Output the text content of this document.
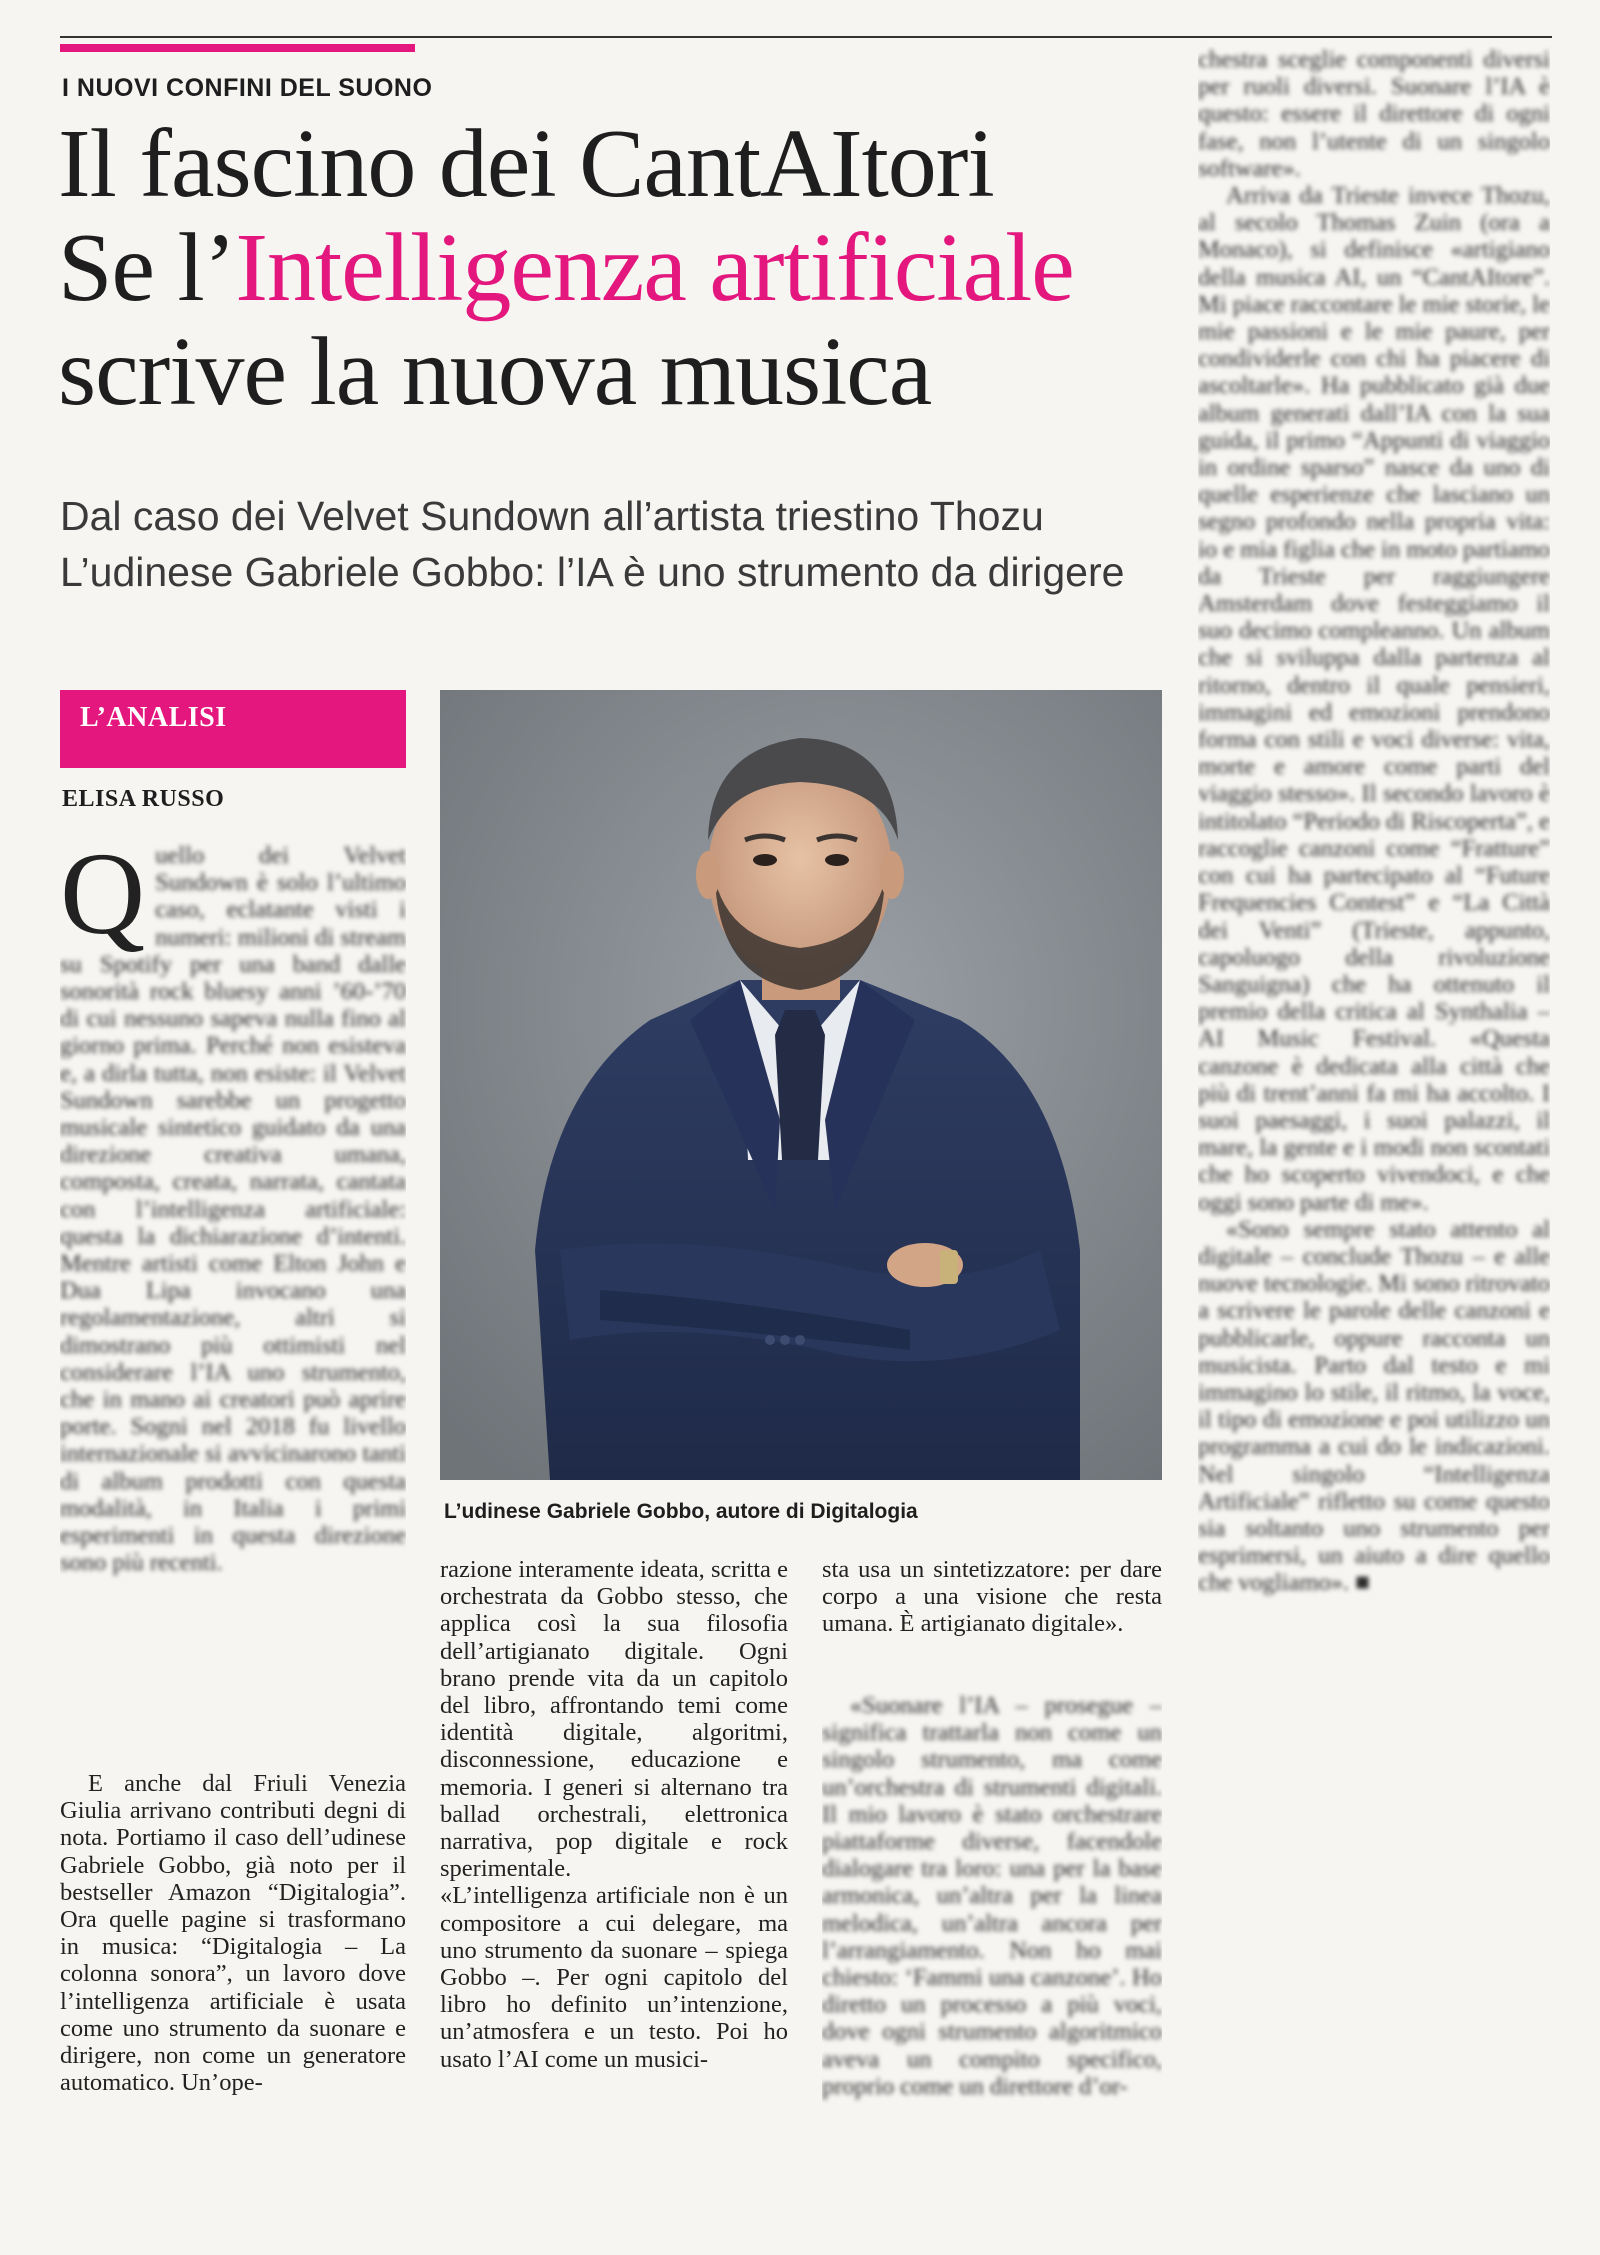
I NUOVI CONFINI DEL SUONO
Il fascino dei CantAItori
Se l’Intelligenza artificiale
scrive la nuova musica
Dal caso dei Velvet Sundown all’artista triestino Thozu
L’udinese Gabriele Gobbo: l’IA è uno strumento da dirigere
L’ANALISI
ELISA RUSSO
L’udinese Gabriele Gobbo, autore di Digitalogia
Q uello dei Velvet Sundown è solo l’ultimo caso, eclatante visti i numeri: milioni di stream su Spotify per una band dalle sonorità rock bluesy anni ’60-’70 di cui nessuno sapeva nulla fino al giorno prima. Perché non esisteva e, a dirla tutta, non esiste: il Velvet Sundown sarebbe un progetto musicale sintetico guidato da una direzione creativa umana, composta, creata, narrata, cantata con l’intelligenza artificiale: questa la dichiarazione d’intenti. Mentre artisti come Elton John e Dua Lipa invocano una regolamentazione, altri si dimostrano più ottimisti nel considerare l’IA uno strumento, che in mano ai creatori può aprire porte. Sogni nel 2018 fu livello internazionale si avvicinarono tanti di album prodotti con questa modalità, in Italia i primi esperimenti in questa direzione sono più recenti.

E anche dal Friuli Venezia Giulia arrivano contributi degni di nota. Portiamo il caso dell’udinese Gabriele Gobbo, già noto per il bestseller Amazon “Digitalogia”. Ora quelle pagine si trasformano in musica: “Digitalogia – La colonna sonora”, un lavoro dove l’intelligenza artificiale è usata come uno strumento da suonare e dirigere, non come un generatore automatico. Un’ope-

razione interamente ideata, scritta e orchestrata da Gobbo stesso, che applica così la sua filosofia dell’artigianato digitale. Ogni brano prende vita da un capitolo del libro, affrontando temi come identità digitale, algoritmi, disconnessione, educazione e memoria. I generi si alternano tra ballad orchestrali, elettronica narrativa, pop digitale e rock sperimentale.

«L’intelligenza artificiale non è un compositore a cui delegare, ma uno strumento da suonare – spiega Gobbo –. Per ogni capitolo del libro ho definito un’intenzione, un’atmosfera e un testo. Poi ho usato l’AI come un musici-

sta usa un sintetizzatore: per dare corpo a una visione che resta umana. È artigianato digitale».

«Suonare l’IA – prosegue – significa trattarla non come un singolo strumento, ma come un’orchestra di strumenti digitali. Il mio lavoro è stato orchestrare piattaforme diverse, facendole dialogare tra loro: una per la base armonica, un’altra per la linea melodica, un’altra ancora per l’arrangiamento. Non ho mai chiesto: ‘Fammi una canzone’. Ho diretto un processo a più voci, dove ogni strumento algoritmico aveva un compito specifico, proprio come un direttore d’or-

chestra sceglie componenti diversi per ruoli diversi. Suonare l’IA è questo: essere il direttore di ogni fase, non l’utente di un singolo software».

Arriva da Trieste invece Thozu, al secolo Thomas Zuin (ora a Monaco), si definisce «artigiano della musica AI, un “CantAItore”. Mi piace raccontare le mie storie, le mie passioni e le mie paure, per condividerle con chi ha piacere di ascoltarle». Ha pubblicato già due album generati dall’IA con la sua guida, il primo “Appunti di viaggio in ordine sparso” nasce da uno di quelle esperienze che lasciano un segno profondo nella propria vita: io e mia figlia che in moto partiamo da Trieste per raggiungere Amsterdam dove festeggiamo il suo decimo compleanno. Un album che si sviluppa dalla partenza al ritorno, dentro il quale pensieri, immagini ed emozioni prendono forma con stili e voci diverse: vita, morte e amore come parti del viaggio stesso». Il secondo lavoro è intitolato “Periodo di Riscoperta”, e raccoglie canzoni come “Fratture” con cui ha partecipato al “Future Frequencies Contest” e “La Città dei Venti” (Trieste, appunto, capoluogo della rivoluzione Sanguigna) che ha ottenuto il premio della critica al Synthalia – AI Music Festival. «Questa canzone è dedicata alla città che più di trent’anni fa mi ha accolto. I suoi paesaggi, i suoi palazzi, il mare, la gente e i modi non scontati che ho scoperto vivendoci, e che oggi sono parte di me».

«Sono sempre stato attento al digitale – conclude Thozu – e alle nuove tecnologie. Mi sono ritrovato a scrivere le parole delle canzoni e pubblicarle, oppure racconta un musicista. Parto dal testo e mi immagino lo stile, il ritmo, la voce, il tipo di emozione e poi utilizzo un programma a cui do le indicazioni. Nel singolo “Intelligenza Artificiale” rifletto su come questo sia soltanto uno strumento per esprimersi, un aiuto a dire quello che vogliamo». ■
